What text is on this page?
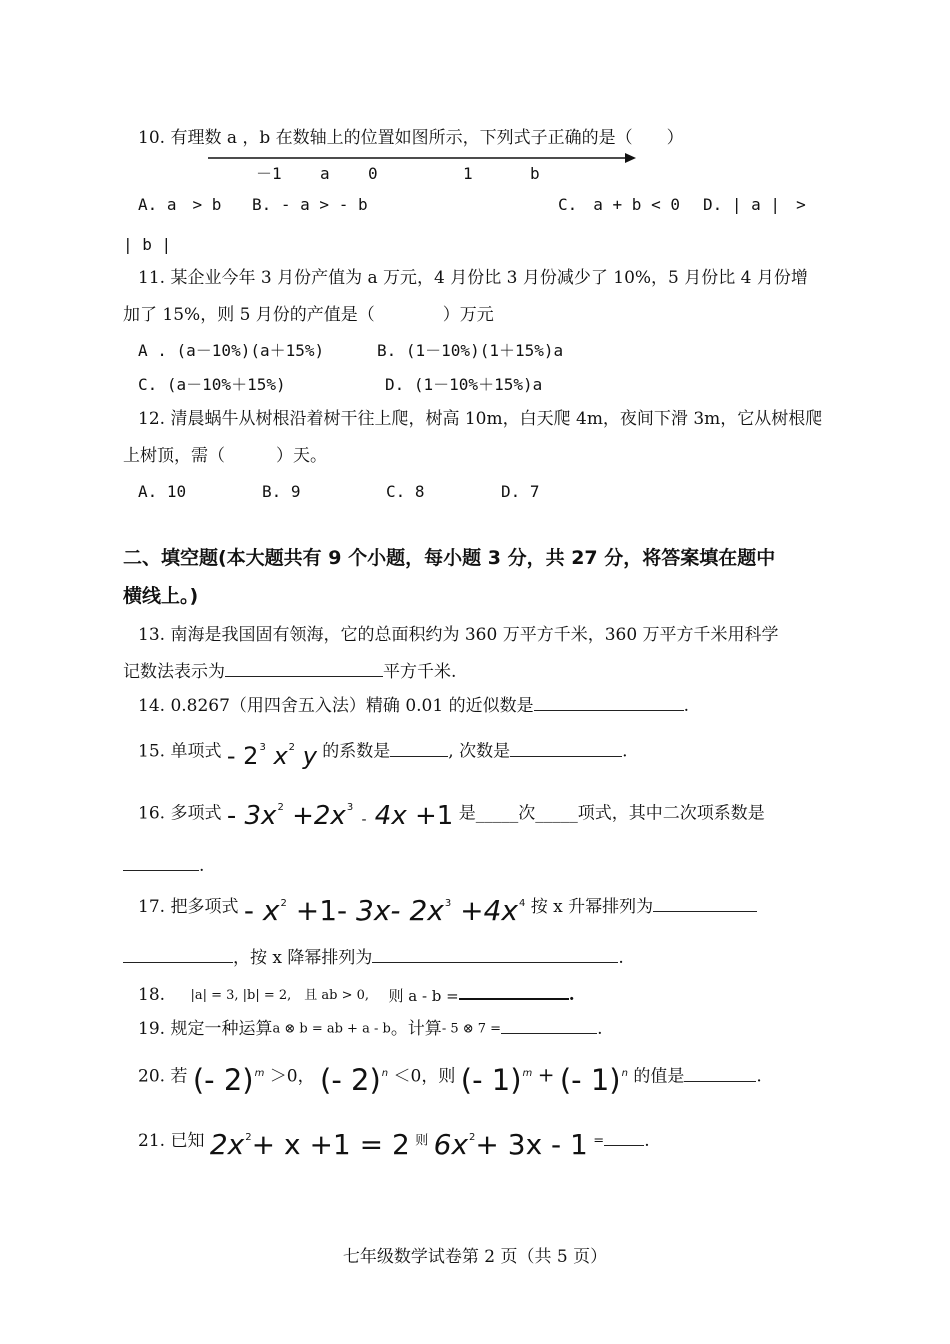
10. 有理数 a ，b 在数轴上的位置如图所示，下列式子正确的是（　　）
－1 a 0	1	b
A. a　> b B. - a > - b	C.　a + b < 0 D. | a |　>
| b |
11. 某企业今年 3 月份产值为 a 万元，4 月份比 3 月份减少了 10%，5 月份比 4 月份增
加了 15%，则 5 月份的产值是（　　　　）万元
A . (a－10%)(a＋15%)	B. (1－10%)(1＋15%)a
C. (a－10%＋15%)	D. (1－10%＋15%)a
12. 清晨蜗牛从树根沿着树干往上爬，树高 10m，白天爬 4m，夜间下滑 3m，它从树根爬
上树顶，需（　　　）天。
A. 10	B. 9	C. 8	D. 7
二、填空题(本大题共有 9 个小题，每小题 3 分，共 27 分，将答案填在题中
横线上。)
13. 南海是我国固有领海，它的总面积约为 360 万平方千米，360 万平方千米用科学
记数法表示为	平方千米.
14. 0.8267（用四舍五入法）精确 0.01 的近似数是	.
15. 单项式 - $2^3$ $x^2$ y 的系数是	, 次数是	.
16. 多项式 - $3x^2 +2x^3 - 4x +1$ 是_____次_____项式，其中二次项系数是
.
17. 把多项式 - $x^2 +1-$ 3x- $2x^3 +4x^4$ 按 x 升幂排列为
，按 x 降幂排列为	.
18. |a| = 3, |b| = 2,　且 ab > 0, 则 a - b =	.
19. 规定一种运算a ⊗ b = ab + a - b。计算- 5 ⊗ 7 =	.
20. 若 (- 2)$^m$ ＞0， (- 2)$^n$ ＜0，则 (- 1)$^m$ + (- 1)$^n$ 的值是	.
21. 已知 $2x^2+ x +1 = 2$ 则 $6x^2+ 3x - 1$ = .
七年级数学试卷第 2 页（共 5 页）
